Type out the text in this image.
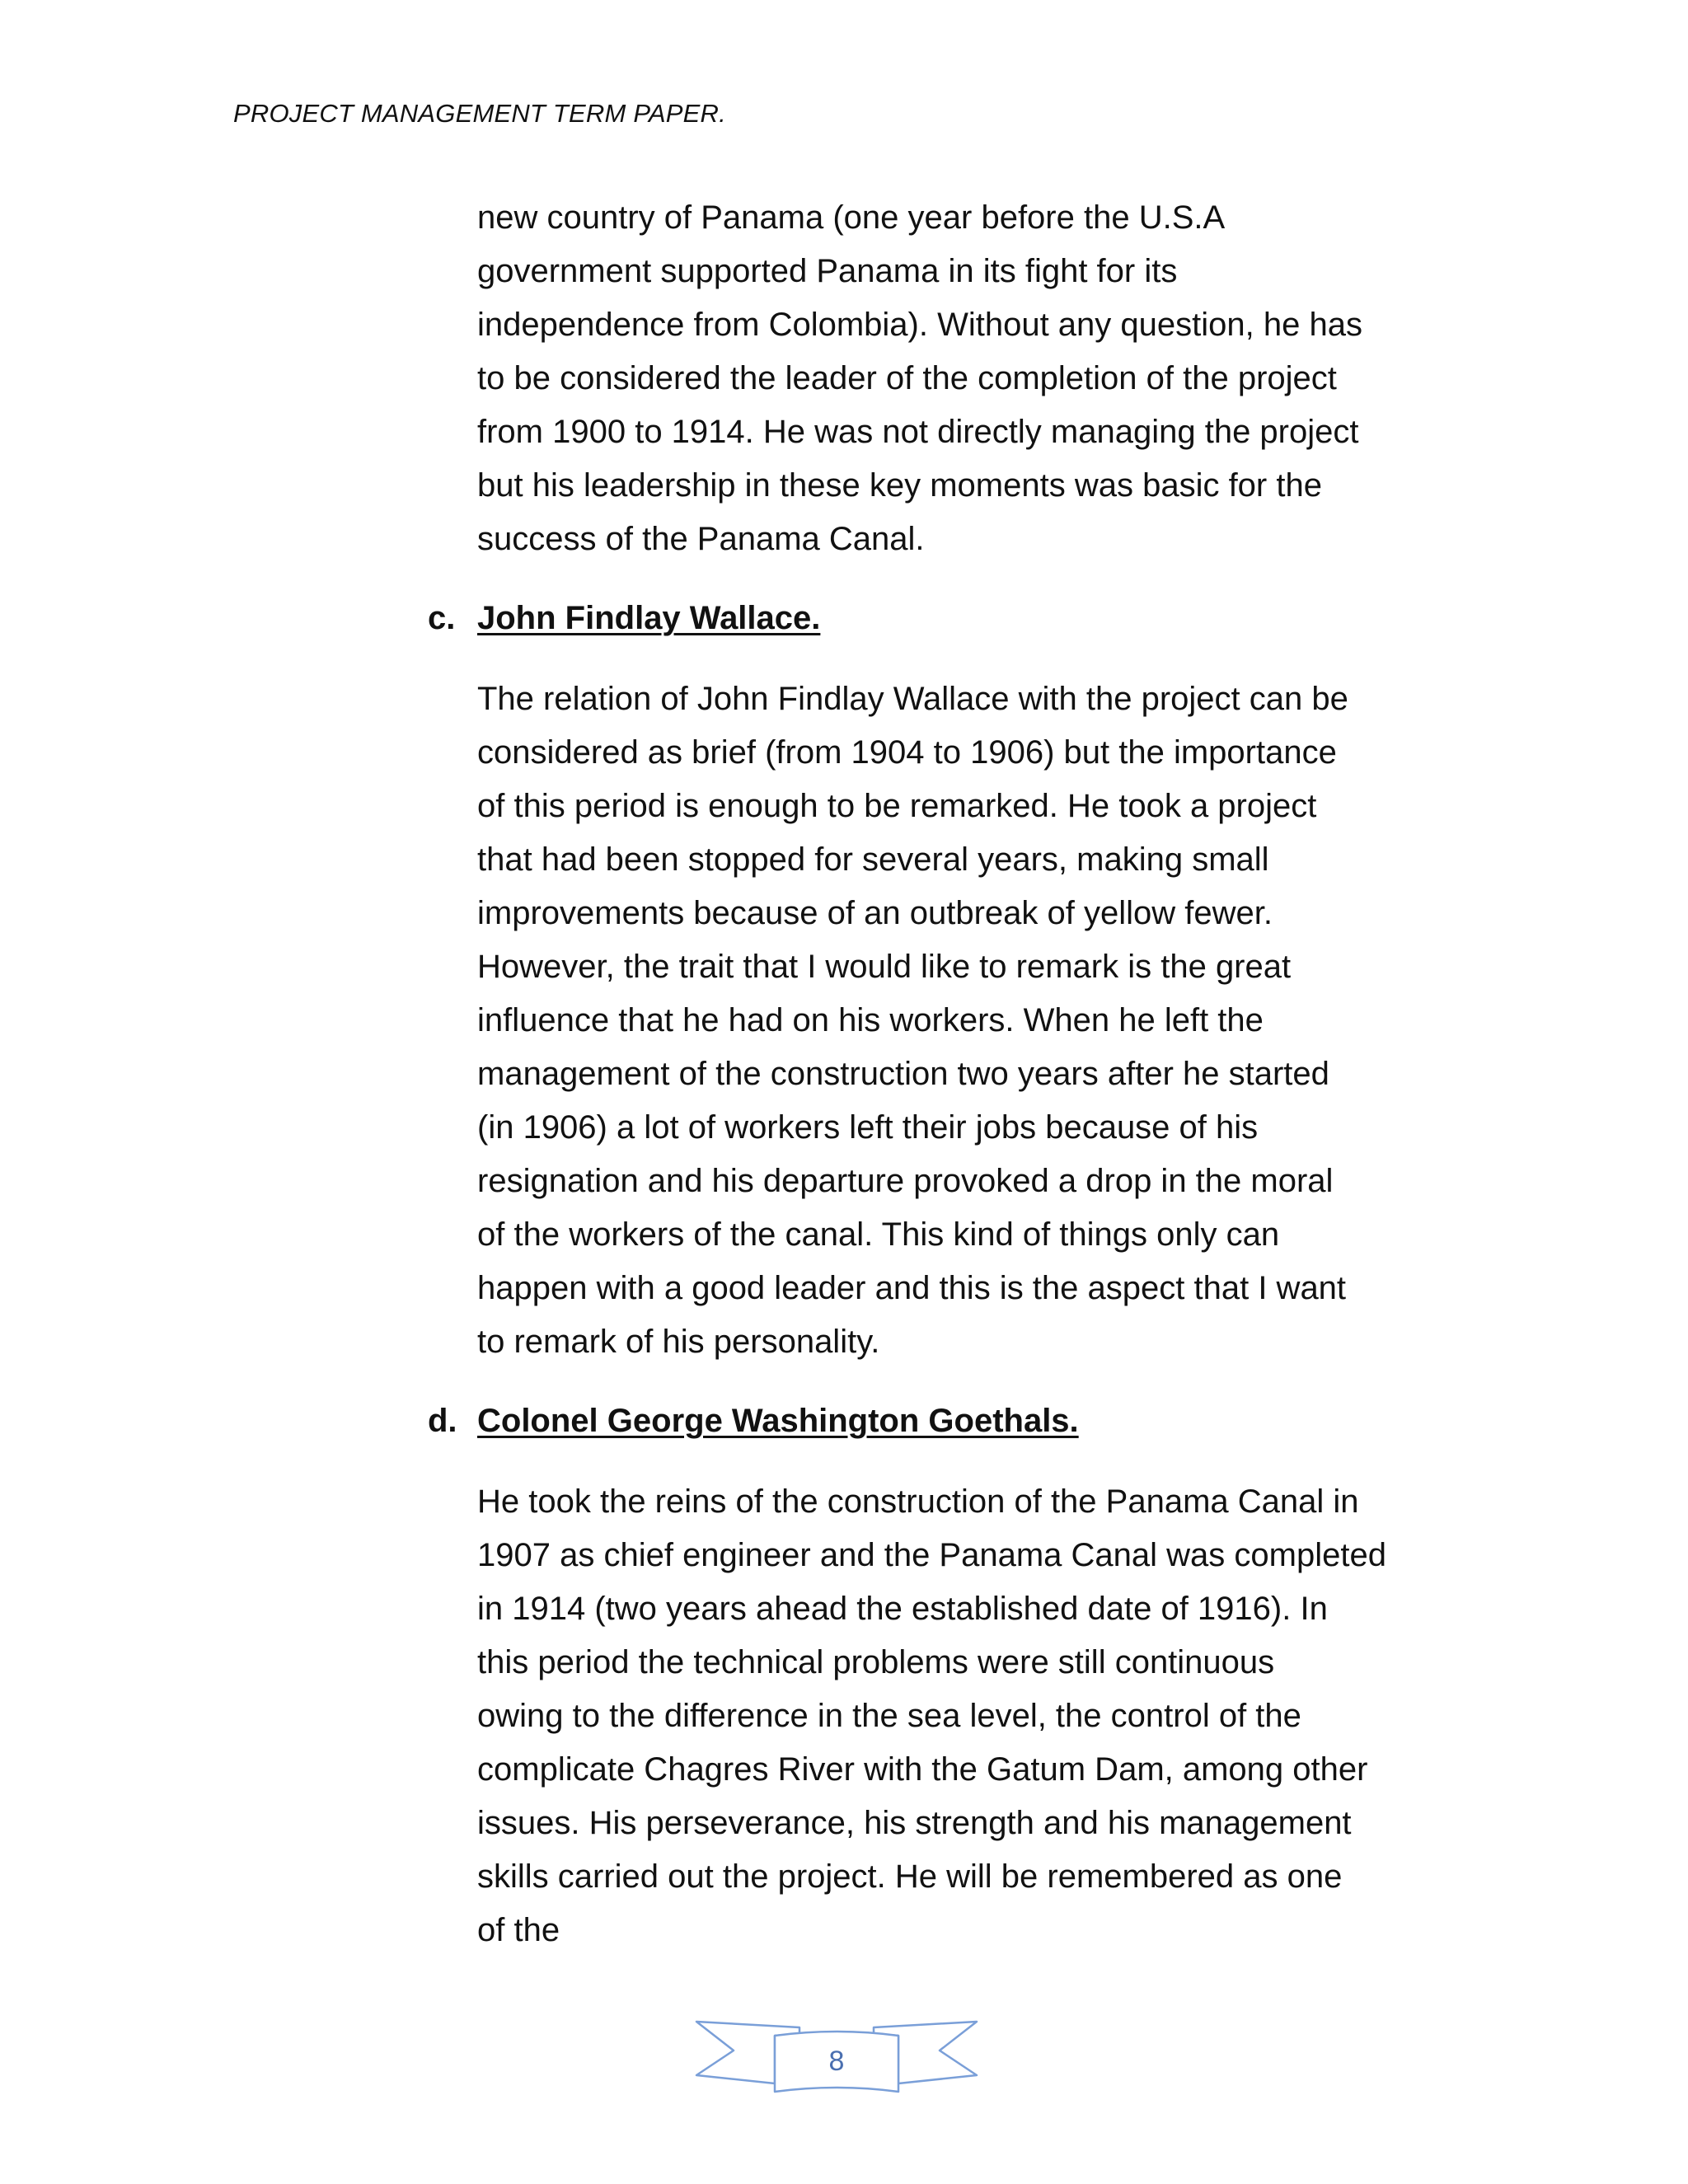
PROJECT MANAGEMENT TERM PAPER.
new country of Panama (one year before the U.S.A
government supported Panama in its fight for its
independence from Colombia). Without any question, he has
to be considered the leader of the completion of the project
from 1900 to 1914. He was not directly managing the project
but his leadership in these key moments was basic for the
success of the Panama Canal.
c. John Findlay Wallace.
The relation of John Findlay Wallace with the project can be
considered as brief (from 1904 to 1906) but the importance
of this period is enough to be remarked. He took a project
that had been stopped for several years, making small
improvements because of an outbreak of yellow fewer.
However, the trait that I would like to remark is the great
influence that he had on his workers. When he left the
management of the construction two years after he started
(in 1906) a lot of workers left their jobs because of his
resignation and his departure provoked a drop in the moral
of the workers of the canal. This kind of things only can
happen with a good leader and this is the aspect that I want
to remark of his personality.
d. Colonel George Washington Goethals.
He took the reins of the construction of the Panama Canal in
1907 as chief engineer and the Panama Canal was completed
in 1914 (two years ahead the established date of 1916). In
this period the technical problems were still continuous
owing to the difference in the sea level, the control of the
complicate Chagres River with the Gatum Dam, among other
issues. His perseverance, his strength and his management
skills carried out the project. He will be remembered as one
of the
8
